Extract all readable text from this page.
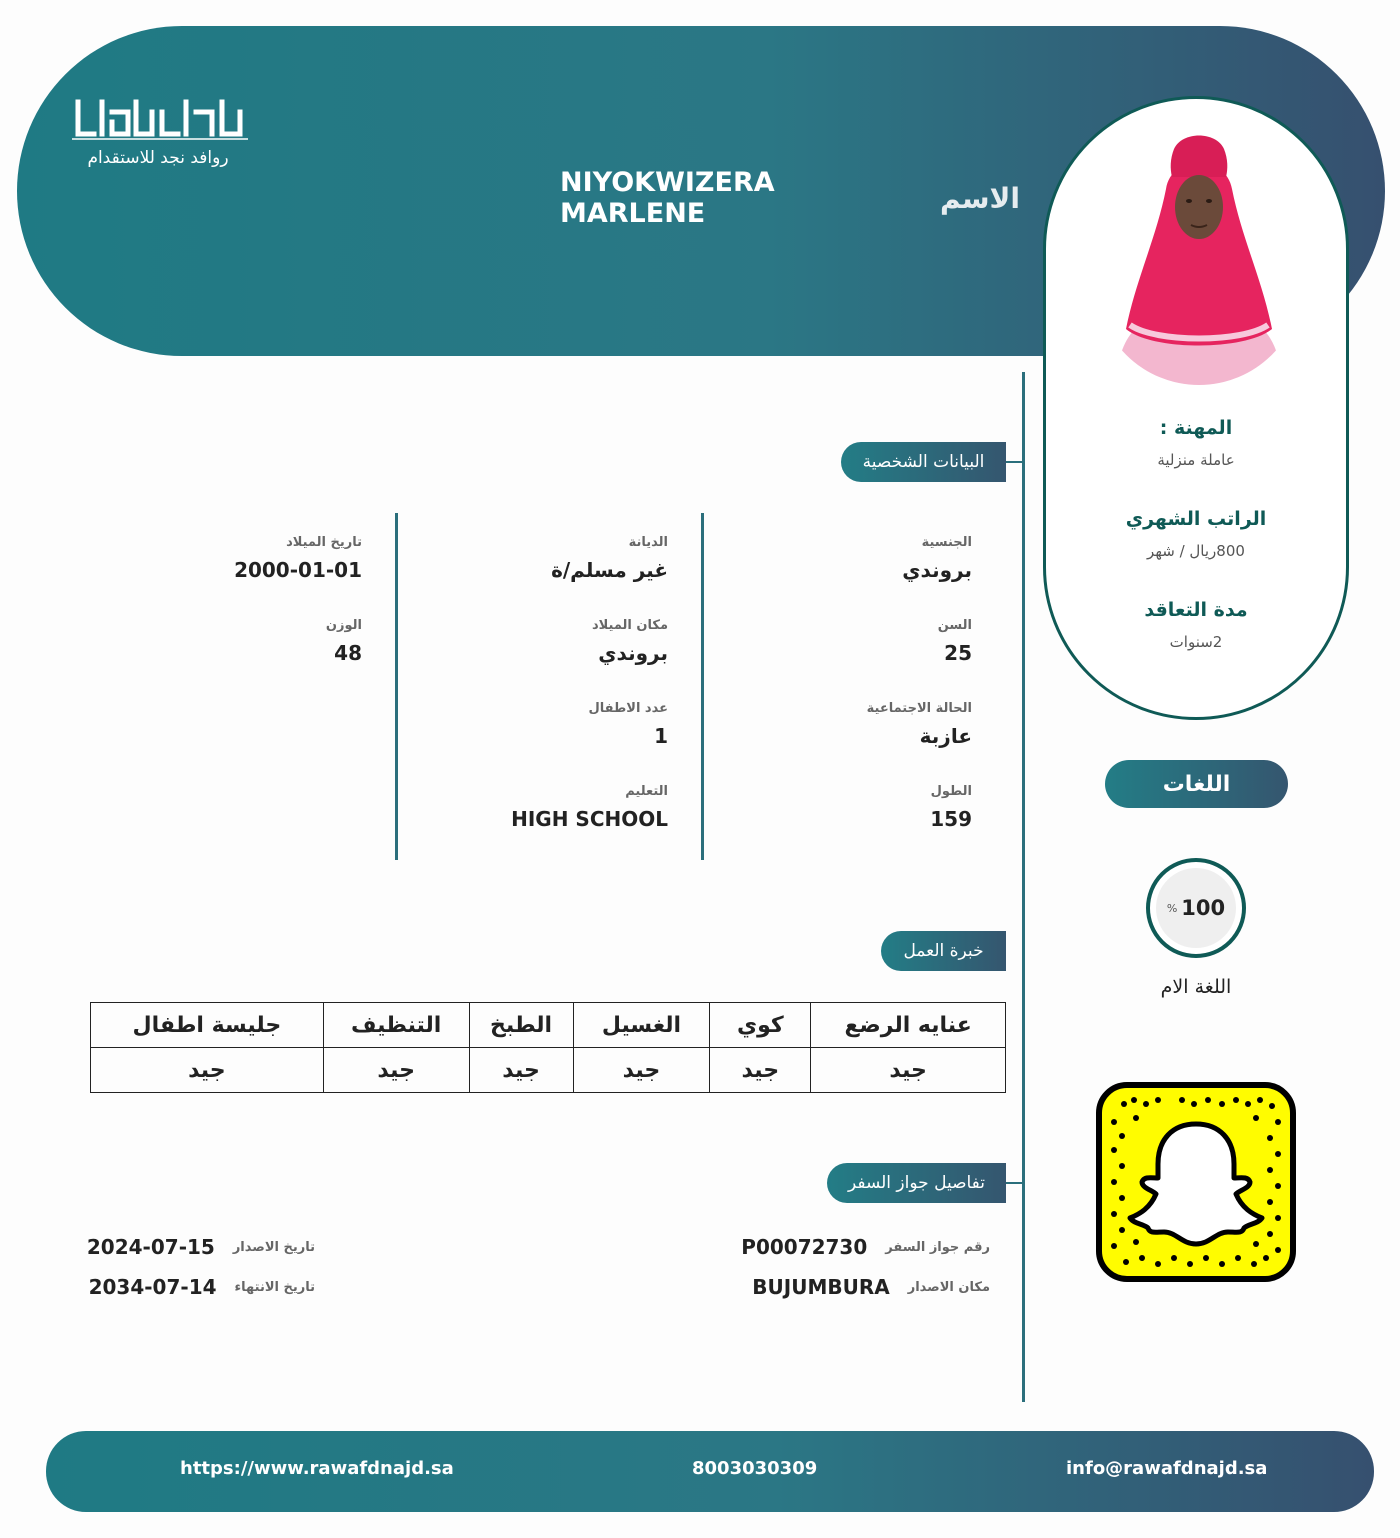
روافد نجد للاستقدام
الاسم
NIYOKWIZERA MARLENE
المهنة :
عاملة منزلية
الراتب الشهري
800ريال / شهر
مدة التعاقد
2سنوات
البيانات الشخصية
الجنسية
بروندي
السن
25
الحالة الاجتماعية
عازبة
الطول
159
الديانة
غير مسلم/ة
مكان الميلاد
بروندي
عدد الاطفال
1
التعليم
HIGH SCHOOL
تاريخ الميلاد
2000-01-01
الوزن
48
خبرة العمل
عنايه الرضع	كوي	الغسيل	الطبخ	التنظيف	جليسة اطفال
جيد	جيد	جيد	جيد	جيد	جيد
تفاصيل جواز السفر
رقم جواز السفر
P00072730
مكان الاصدار
BUJUMBURA
تاريخ الاصدار
2024-07-15
تاريخ الانتهاء
2034-07-14
اللغات
% 100
اللغة الام
https://www.rawafdnajd.sa	8003030309	info@rawafdnajd.sa
